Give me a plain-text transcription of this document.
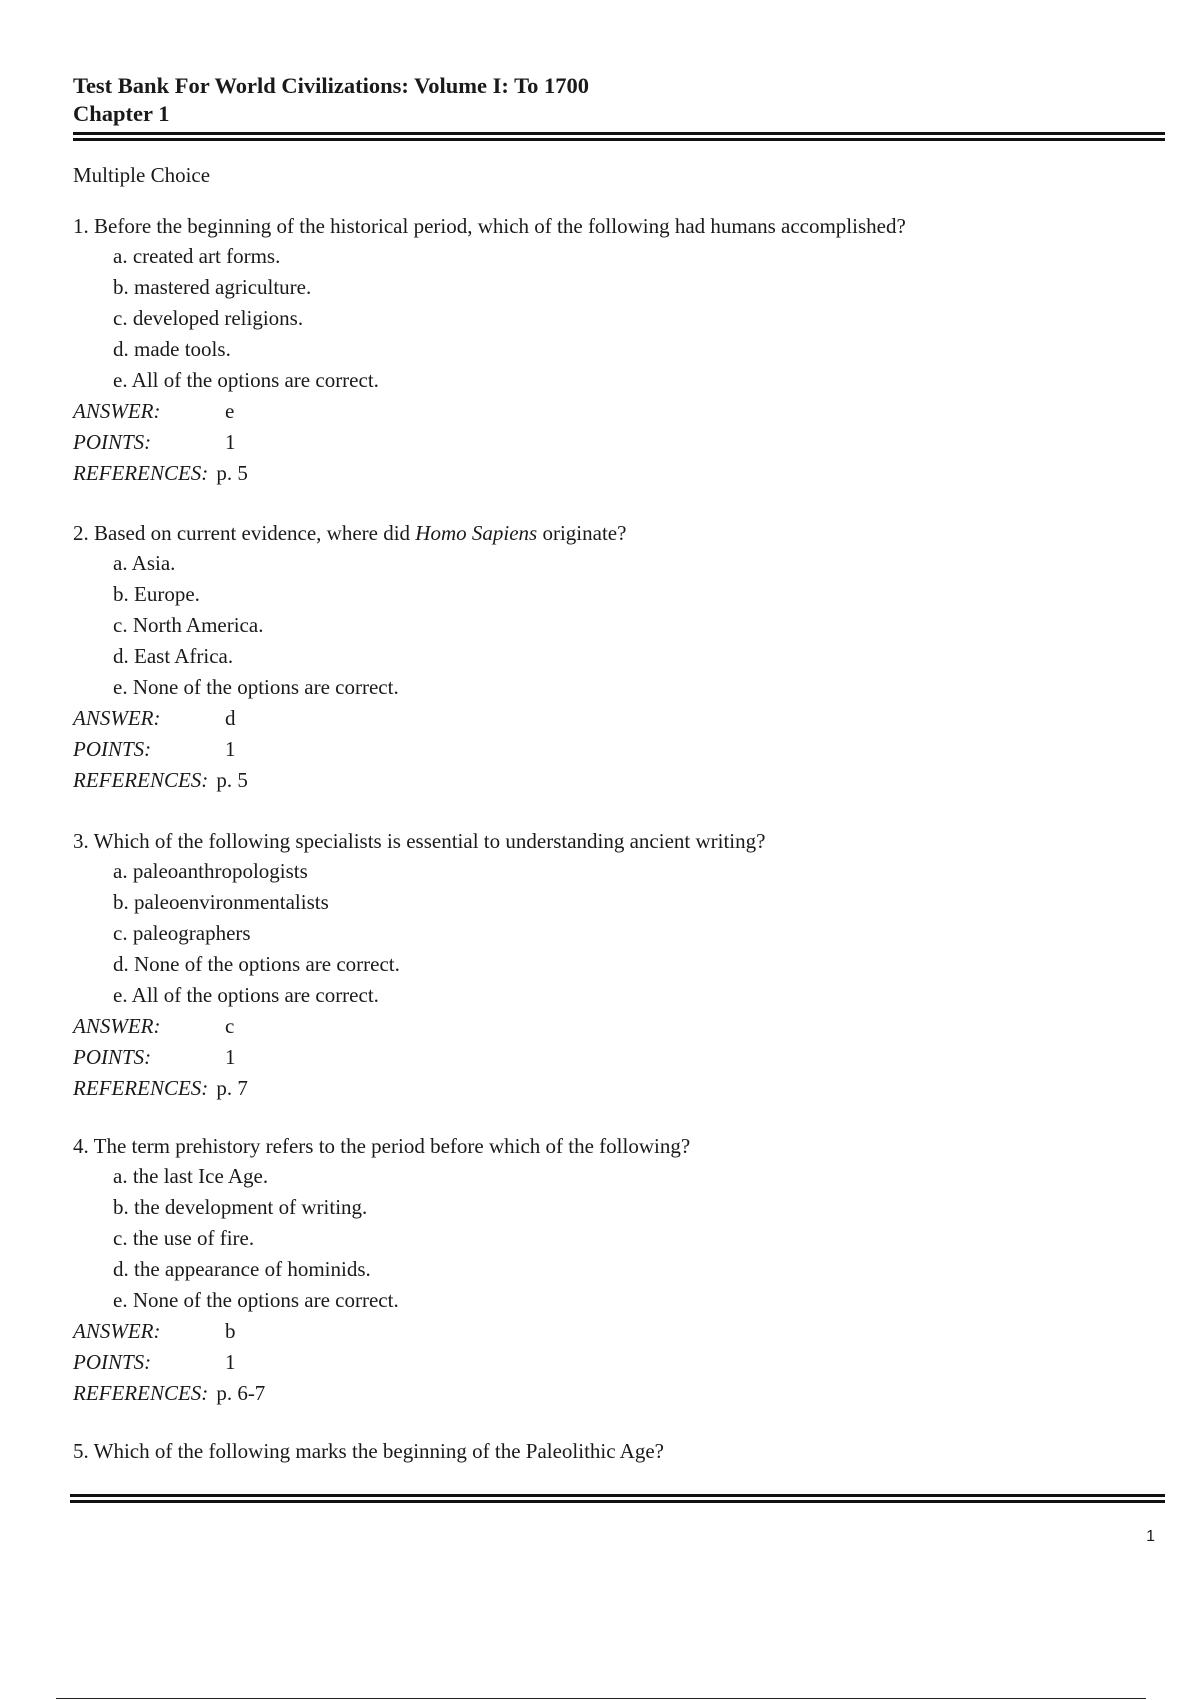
Test Bank For World Civilizations: Volume I: To 1700
Chapter 1
Multiple Choice
1. Before the beginning of the historical period, which of the following had humans accomplished?
a. created art forms.
b. mastered agriculture.
c. developed religions.
d. made tools.
e. All of the options are correct.
ANSWER:	e
POINTS:	1
REFERENCES: p. 5
2. Based on current evidence, where did Homo Sapiens originate?
a. Asia.
b. Europe.
c. North America.
d. East Africa.
e. None of the options are correct.
ANSWER:	d
POINTS:	1
REFERENCES: p. 5
3. Which of the following specialists is essential to understanding ancient writing?
a. paleoanthropologists
b. paleoenvironmentalists
c. paleographers
d. None of the options are correct.
e. All of the options are correct.
ANSWER:	c
POINTS:	1
REFERENCES: p. 7
4. The term prehistory refers to the period before which of the following?
a. the last Ice Age.
b. the development of writing.
c. the use of fire.
d. the appearance of hominids.
e. None of the options are correct.
ANSWER:	b
POINTS:	1
REFERENCES: p. 6-7
5. Which of the following marks the beginning of the Paleolithic Age?
1
